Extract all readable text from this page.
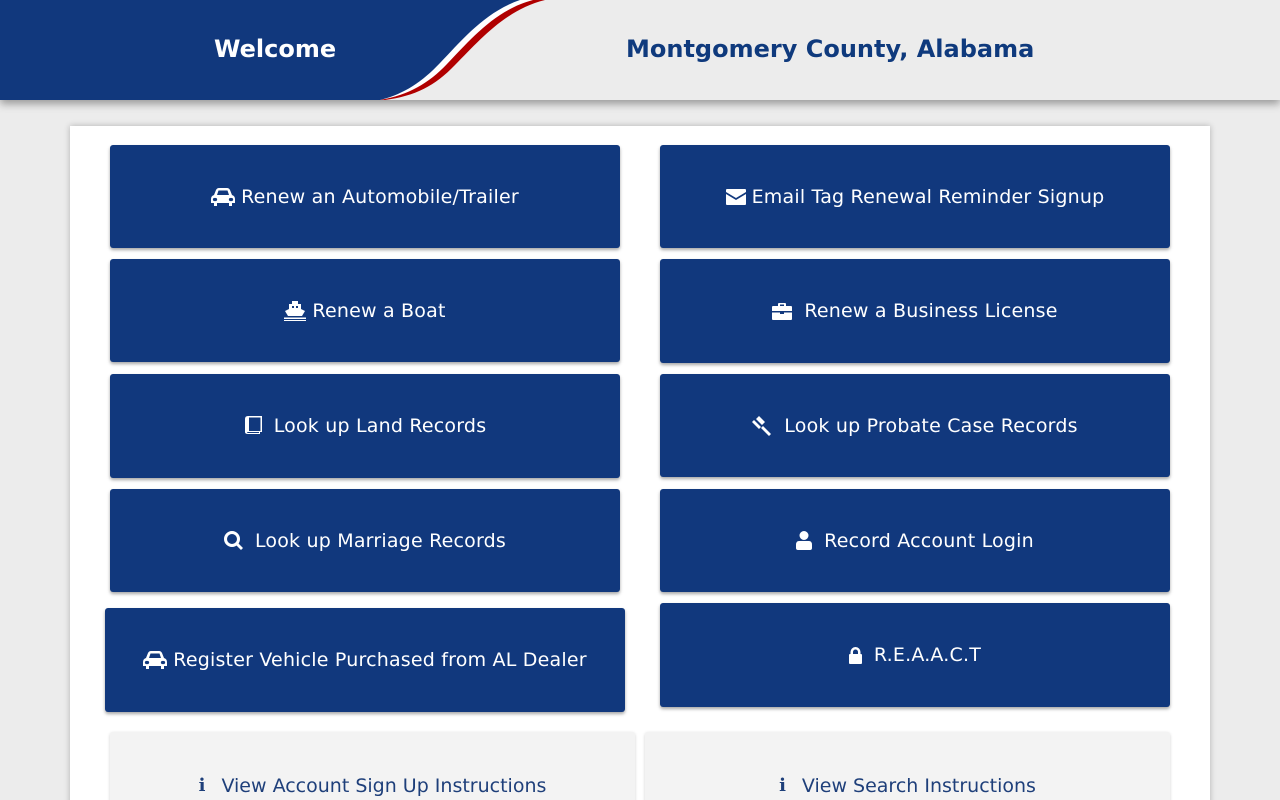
Welcome	Montgomery County, Alabama
Renew an Automobile/Trailer	Email Tag Renewal Reminder Signup
Renew a Boat	Renew a Business License
Look up Land Records	Look up Probate Case Records
Look up Marriage Records	Record Account Login
Register Vehicle Purchased from AL Dealer	R.E.A.A.C.T
i View Account Sign Up Instructions	i View Search Instructions
